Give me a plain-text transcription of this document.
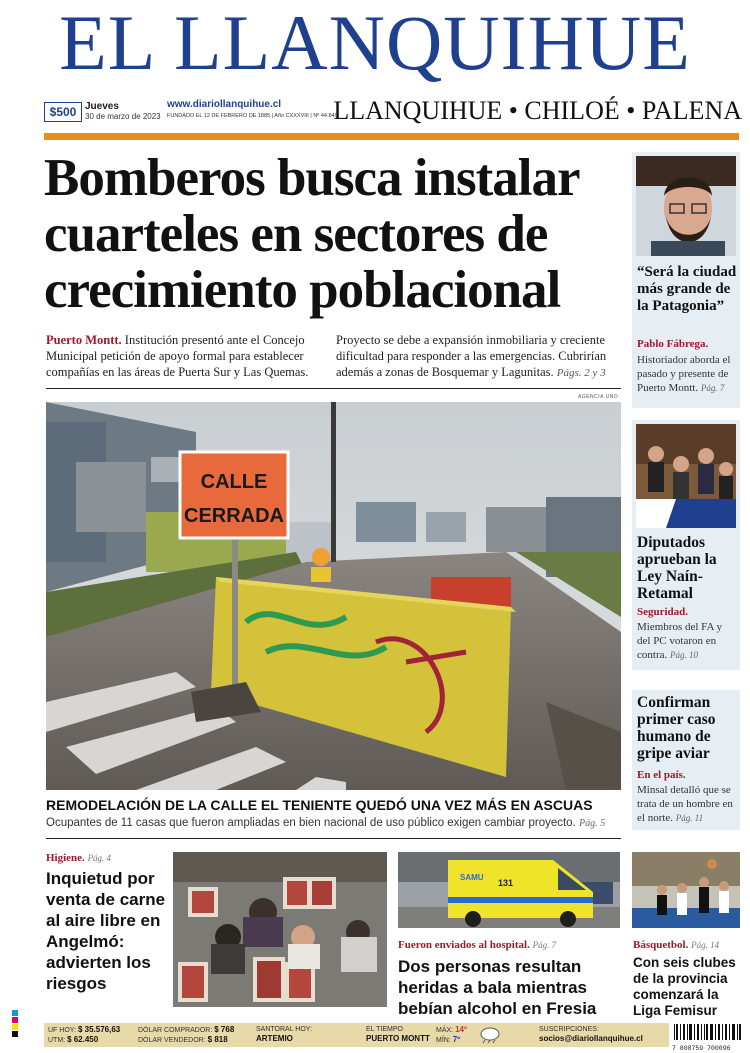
EL LLANQUIHUE
$500 Jueves
30 de marzo de 2023
www.diariollanquihue.cl
FUNDADO EL 12 DE FEBRERO DE 1885 | Año CXXXVIII | Nº 44.849
LLANQUIHUE • CHILOÉ • PALENA
Bomberos busca instalar cuarteles en sectores de crecimiento poblacional
Puerto Montt. Institución presentó ante el Concejo Municipal petición de apoyo formal para establecer compañías en las áreas de Puerta Sur y Las Quemas.
Proyecto se debe a expansión inmobiliaria y creciente dificultad para responder a las emergencias. Cubrirían además a zonas de Bosquemar y Lagunitas. Págs. 2 y 3
AGENCIA UNO
CALLE
CERRADA
REMODELACIÓN DE LA CALLE EL TENIENTE QUEDÓ UNA VEZ MÁS EN ASCUAS
Ocupantes de 11 casas que fueron ampliadas en bien nacional de uso público exigen cambiar proyecto. Pág. 5
“Será la ciudad más grande de la Patagonia”
Pablo Fábrega.
Historiador aborda el pasado y presente de Puerto Montt. Pág. 7
Diputados aprueban la Ley Naín-Retamal
Seguridad.
Miembros del FA y del PC votaron en contra. Pág. 10
Confirman primer caso humano de gripe aviar
En el país.
Minsal detalló que se trata de un hombre en el norte. Pág. 11
Higiene. Pág. 4
Inquietud por venta de carne al aire libre en Angelmó: advierten los riesgos
SAMU
131
Fueron enviados al hospital. Pág. 7
Dos personas resultan heridas a bala mientras bebían alcohol en Fresia
Básquetbol. Pág. 14
Con seis clubes de la provincia comenzará la Liga Femisur
UF HOY: $ 35.576,63
UTM: $ 62.450
DÓLAR COMPRADOR: $ 768
DÓLAR VENDEDOR: $ 818
SANTORAL HOY:
ARTEMIO
EL TIEMPO
PUERTO MONTT
MÁX: 14º
MÍN: 7º
SUSCRIPCIONES:
socios@diariollanquihue.cl
7 808759 700096
